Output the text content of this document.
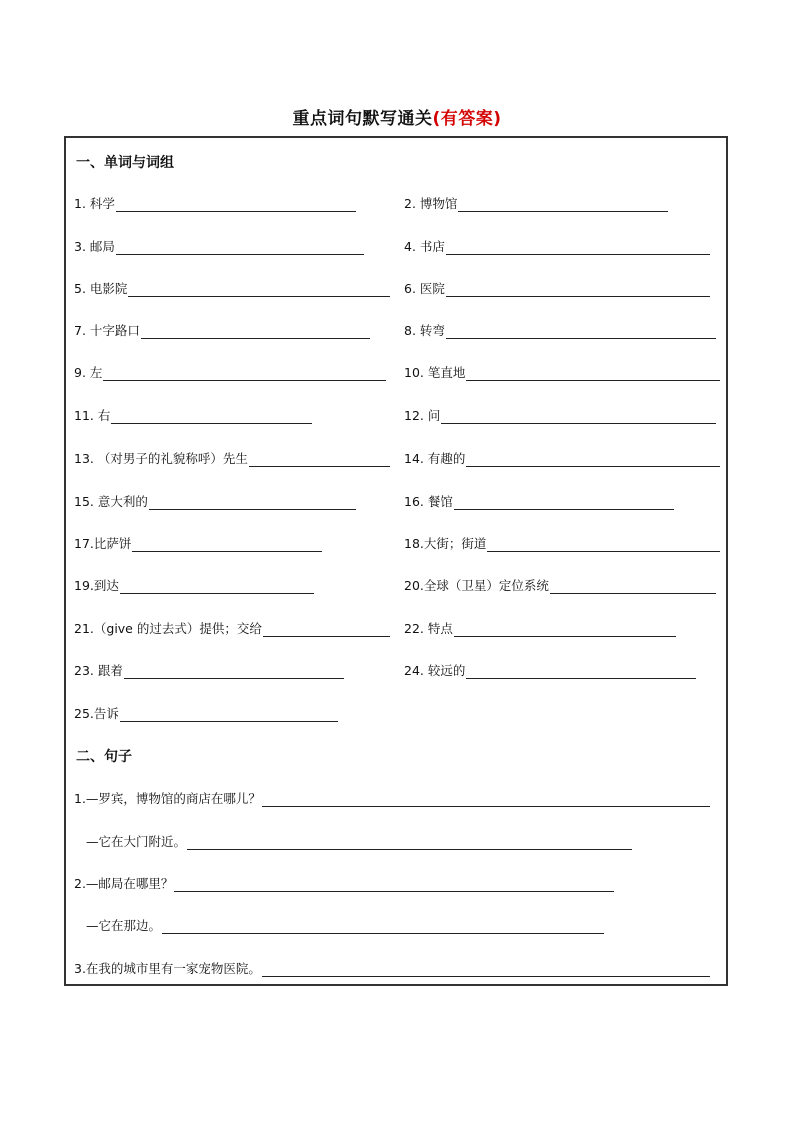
重点词句默写通关(有答案)
一、单词与词组
1. 科学	2. 博物馆
3. 邮局	4. 书店
5. 电影院	6. 医院
7. 十字路口	8. 转弯
9. 左	10. 笔直地
11. 右	12. 问
13. （对男子的礼貌称呼）先生	14. 有趣的
15. 意大利的	16. 餐馆
17.比萨饼	18.大街；街道
19.到达	20.全球（卫星）定位系统
21.（give 的过去式）提供；交给	22. 特点
23. 跟着	24. 较远的
25.告诉
二、句子
1.—罗宾，博物馆的商店在哪儿？
—它在大门附近。
2.—邮局在哪里？
—它在那边。
3.在我的城市里有一家宠物医院。
